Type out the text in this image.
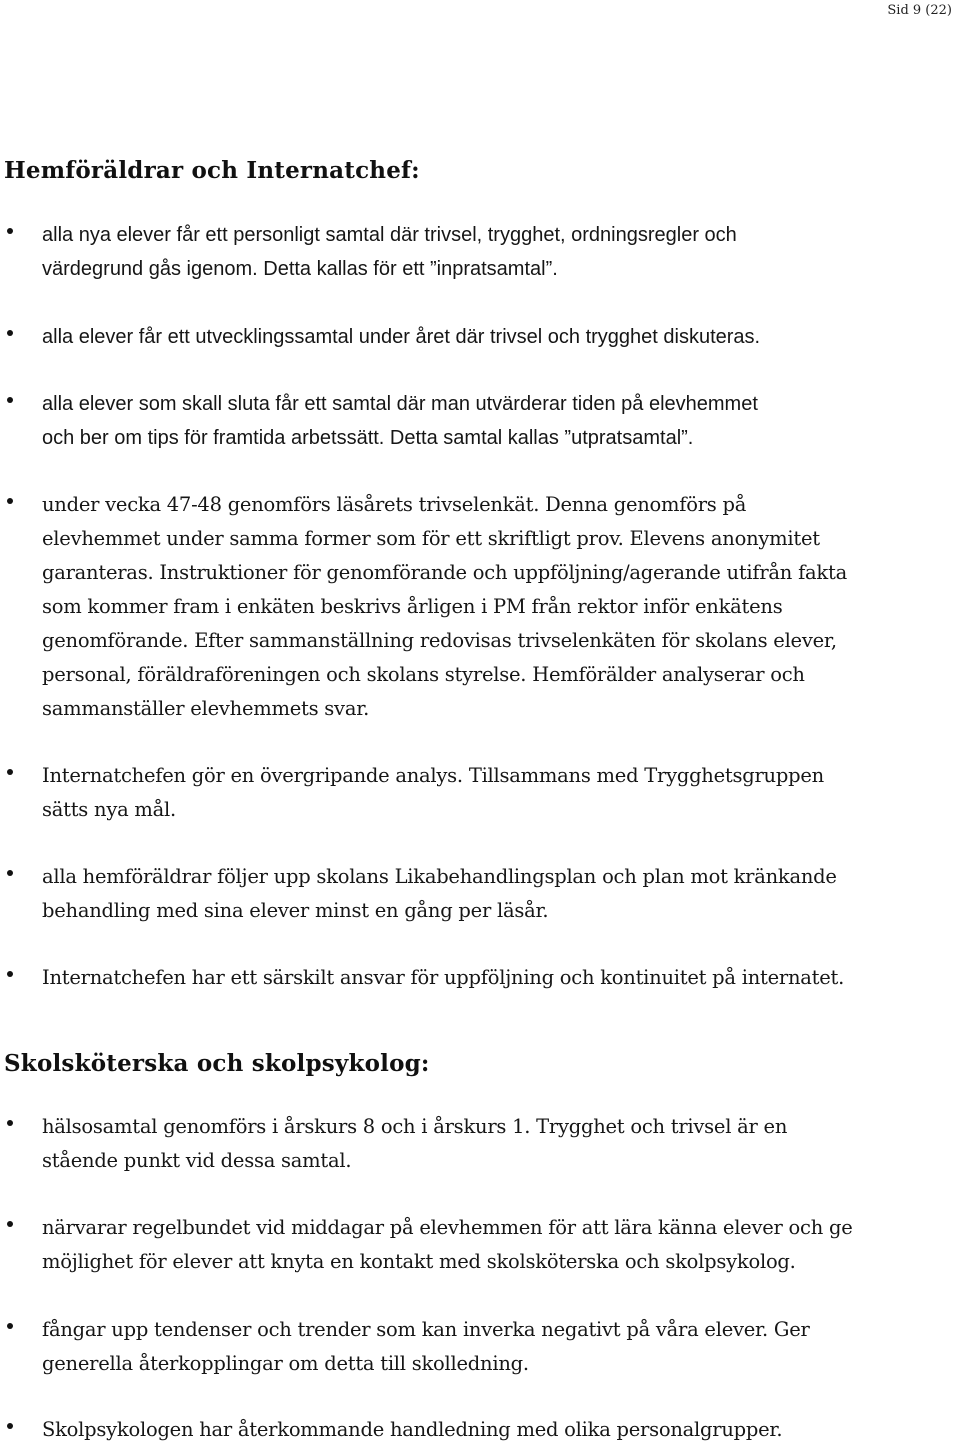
Sid 9 (22)
Hemföräldrar och Internatchef:

alla nya elever får ett personligt samtal där trivsel, trygghet, ordningsregler och
värdegrund gås igenom. Detta kallas för ett ”inpratsamtal”.

alla elever får ett utvecklingssamtal under året där trivsel och trygghet diskuteras.

alla elever som skall sluta får ett samtal där man utvärderar tiden på elevhemmet
och ber om tips för framtida arbetssätt. Detta samtal kallas ”utpratsamtal”.

under vecka 47-48 genomförs läsårets trivselenkät. Denna genomförs på
elevhemmet under samma former som för ett skriftligt prov. Elevens anonymitet
garanteras. Instruktioner för genomförande och uppföljning/agerande utifrån fakta
som kommer fram i enkäten beskrivs årligen i PM från rektor inför enkätens
genomförande. Efter sammanställning redovisas trivselenkäten för skolans elever,
personal, föräldraföreningen och skolans styrelse. Hemförälder analyserar och
sammanställer elevhemmets svar.

Internatchefen gör en övergripande analys. Tillsammans med Trygghetsgruppen
sätts nya mål.

alla hemföräldrar följer upp skolans Likabehandlingsplan och plan mot kränkande
behandling med sina elever minst en gång per läsår.

Internatchefen har ett särskilt ansvar för uppföljning och kontinuitet på internatet.

Skolsköterska och skolpsykolog:

hälsosamtal genomförs i årskurs 8 och i årskurs 1. Trygghet och trivsel är en
stående punkt vid dessa samtal.

närvarar regelbundet vid middagar på elevhemmen för att lära känna elever och ge
möjlighet för elever att knyta en kontakt med skolsköterska och skolpsykolog.

fångar upp tendenser och trender som kan inverka negativt på våra elever. Ger
generella återkopplingar om detta till skolledning.

Skolpsykologen har återkommande handledning med olika personalgrupper.
